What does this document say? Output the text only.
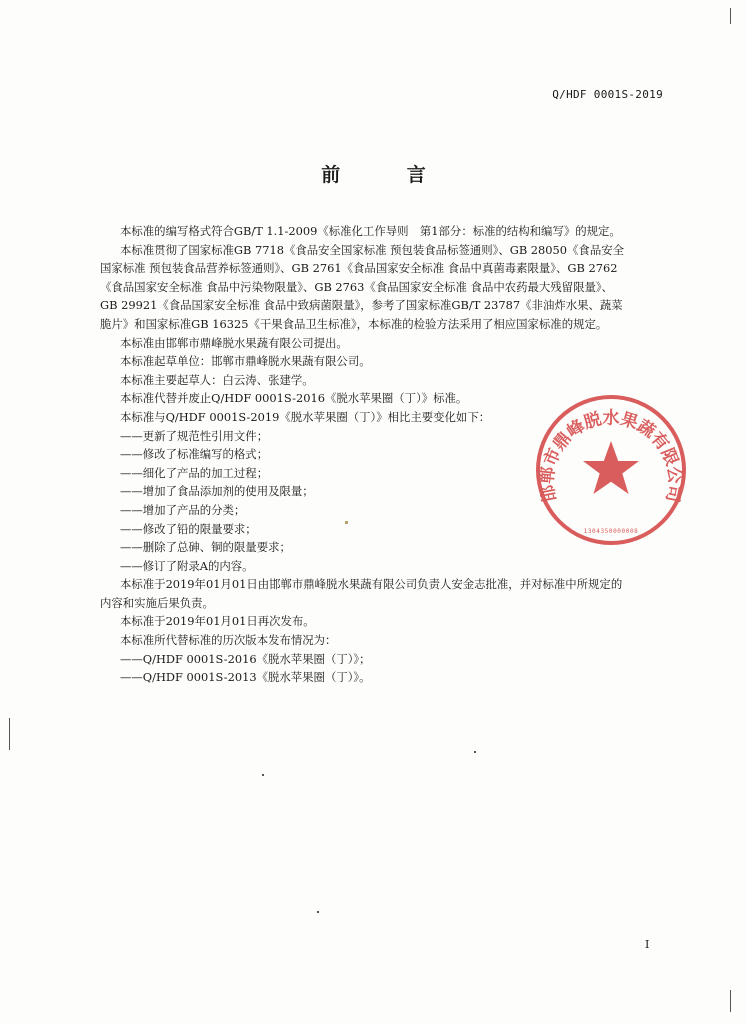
Q/HDF 0001S-2019
前 言

本标准的编写格式符合GB/T 1.1-2009《标准化工作导则　第1部分：标准的结构和编写》的规定。

本标准贯彻了国家标准GB 7718《食品安全国家标准 预包装食品标签通则》、GB 28050《食品安全

国家标准 预包装食品营养标签通则》、GB 2761《食品国家安全标准 食品中真菌毒素限量》、GB 2762

《食品国家安全标准 食品中污染物限量》、GB 2763《食品国家安全标准 食品中农药最大残留限量》、

GB 29921《食品国家安全标准 食品中致病菌限量》，参考了国家标准GB/T 23787《非油炸水果、蔬菜

脆片》和国家标准GB 16325《干果食品卫生标准》，本标准的检验方法采用了相应国家标准的规定。

本标准由邯郸市鼎峰脱水果蔬有限公司提出。

本标准起草单位：邯郸市鼎峰脱水果蔬有限公司。

本标准主要起草人：白云涛、张建学。

本标准代替并废止Q/HDF 0001S-2016《脱水苹果圈（丁）》标准。

本标准与Q/HDF 0001S-2019《脱水苹果圈（丁）》相比主要变化如下：

——更新了规范性引用文件；

——修改了标准编写的格式；

——细化了产品的加工过程；

——增加了食品添加剂的使用及限量；

——增加了产品的分类；

——修改了铅的限量要求；

——删除了总砷、铜的限量要求；

——修订了附录A的内容。

本标准于2019年01月01日由邯郸市鼎峰脱水果蔬有限公司负责人安金志批准，并对标准中所规定的

内容和实施后果负责。

本标准于2019年01月01日再次发布。

本标准所代替标准的历次版本发布情况为：

——Q/HDF 0001S-2016《脱水苹果圈（丁）》；

——Q/HDF 0001S-2013《脱水苹果圈（丁）》。

邯郸市鼎峰脱水果蔬有限公司
1304350000008
I
